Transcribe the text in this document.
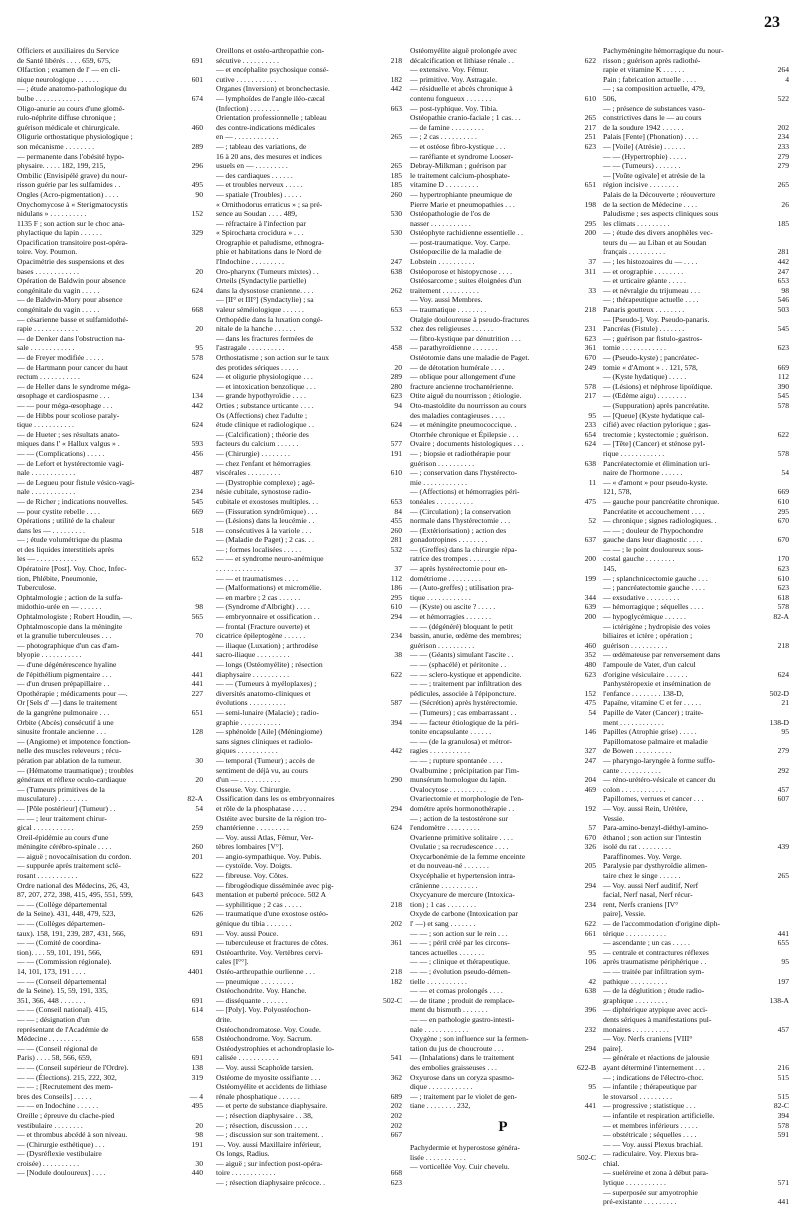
23
Officiers et auxiliaires du Service
de Santé libérés . . . . 659, 675,	691
Olfaction ; examen de l' — en cli-
nique neurologique . . . . . .	601
— ; étude anatomo-pathologique du
bulbe . . . . . . . . . . . .	674
Oligo-anurie au cours d'une glomé-
rulo-néphrite diffuse chronique ;
guérison médicale et chirurgicale.	460
Oligurie orthostatique physiologique ;
son mécanisme . . . . . . . .	289
— permanente dans l'obésité hypo-
physaire. . . . . 182, 199, 215,	296
Ombilic (Envisipélé grave) du nour-
risson guérie par les sulfamides . .	495
Ongles (Acro-pigmentation) . . . .	90
Onychomycose à « Sterigmatocystis
nidulans » . . . . . . . . . .	152
1135 F ; son action sur le choc ana-
phylactique du lapin . . . . . .	329
Opacification transitoire post-opéra-
toire. Voy. Poumon.
Opacimétrie des suspensions et des
bases . . . . . . . . . . . .	20
Opération de Baldwin pour absence
congénitale du vagin . . . . .	624
— de Baldwin-Mory pour absence
congénitale du vagin . . . . .	668
— césarienne basse et sulfamidothé-
rapie . . . . . . . . . . . .	20
— de Denker dans l'obstruction na-
sale . . . . . . . . . . . .	95
— de Freyer modifiée . . . . .	578
— de Hartmann pour cancer du haut
rectum . . . . . . . . . . .	624
— de Heller dans le syndrome méga-
œsophage et cardiospasme . . .	134
— — pour méga-œsophage . . .	442
— de Hibbs pour scoliose paraly-
tique . . . . . . . . . . .	624
— de Hueter ; ses résultats anato-
miques dans l' « Hallux valgus » .	593
— — (Complications) . . . . .	456
— de Lefort et hystérectomie vagi-
nale . . . . . . . . . . . .	487
— de Legueu pour fistule vésico-vagi-
nale . . . . . . . . . . . .	234
— de Richer ; indications nouvelles.	545
— pour cystite rebelle . . . .	669
Opérations ; utilité de la chaleur
dans les — . . . . . . . . .	518
— ; étude volumétrique du plasma
et des liquides interstitiels après
les — . . . . . . . . . . .	652
Opératoire [Post]. Voy. Choc, Infec-
tion, Phlébite, Pneumonie,
Tuberculose.
Ophtalmologie ; action de la sulfa-
midothio-urée en — . . . . . .	98
Ophtalmologiste ; Robert Houdin, —.	565
Ophtalmoscopie dans la méningite
et la granulie tuberculeuses . . .	70
— photographique d'un cas d'am-
blyopie . . . . . . . . . . .	441
— d'une dégénérescence hyaline
de l'épithélium pigmentaire . . .	441
— d'un drusen prépapillaire . .	441
Opothérapie ; médicaments pour —.	227
Or [Sels d' —] dans le traitement
de la gangrène pulmonaire . . .	651
Orbite (Abcès) consécutif à une
sinusite frontale ancienne . . .	128
— (Angiome) et impotence fonction-
nelle des muscles releveurs ; récu-
pération par ablation de la tumeur.	30
— (Hématome traumatique) ; troubles
généraux et réflexe oculo-cardiaque	20
— (Tumeurs primitives de la
musculature) . . . . . . . .	82-A
— [Pôle postérieur] (Tumeur) . .	54
— — ; leur traitement chirur-
gical . . . . . . . . . . .	259
Oreil-épidémie au cours d'une
méningite cérébro-spinale . . . .	260
— aiguë ; novocaïnisation du cordon.	201
— suppurée après traitement sclé-
rosant . . . . . . . . . . .	622
Ordre national des Médecins, 26, 43,
87, 207, 272, 398, 415, 495, 551, 599,	643
— — (Collège départemental
de la Seine). 431, 448, 479, 523,	626
— — (Collèges départemen-
taux). 158, 191, 239, 287, 431, 566,	691
— — (Comité de coordina-
tion). . . . 59, 101, 191, 566,	691
— — (Commission régionale).
14, 101, 173, 191 . . . .	4401
— — (Conseil départemental
de la Seine). 15, 59, 191, 335,
351, 366, 448 . . . . . . .	691
— — (Conseil national). 415,	614
— — ; désignation d'un
représentant de l'Académie de
Médecine . . . . . . . . .	658
— — (Conseil régional de
Paris) . . . . 58, 566, 659,	691
— — (Conseil supérieur de l'Ordre).	138
— — (Élections). 215, 222, 302,	319
— — ; [Recrutement des mem-
bres des Conseils] . . . . .	— 4
— — en Indochine . . . . . .	495
Oreille ; épreuve du clache-pied
vestibulaire . . . . . . . .	20
— et thrombus abcédé à son niveau.	98
— (Chirurgie esthétique) . . .	191
— (Dysréflexie vestibulaire
croisée) . . . . . . . . . .	30
— [Nodule douloureux] . . . .	440
Oreillons et ostéo-arthropathie con-
sécutive . . . . . . . . . .	218
— et encéphalite psychosique consé-
cutive . . . . . . . . . . .	182
Organes (Inversion) et bronchectasie.	442
— lymphoïdes de l'angle iléo-cæcal
(Infection) . . . . . . . .	663
Orientation professionnelle ; tableau
des contre-indications médicales
en — . . . . . . . . . . . .	265
— ; tableau des variations, de
16 à 20 ans, des mesures et indices
usuels en — . . . . . . . . .	265
— des cardiaques . . . . . .	185
— et troubles nerveux . . . . .	185
— spatiale (Troubles) . . . . .	260
« Ornithodorus erraticus » ; sa pré-
sence au Soudan . . . . 489,	530
— réfractaire à l'infection par
« Spirochæta crocidura » . . .	530
Orographie et paludisme, ethnogra-
phie et habitations dans le Nord de
l'Indochine . . . . . . . . .	247
Oro-pharynx (Tumeurs mixtes) . .	638
Orteils (Syndactylie partielle)
dans la dysostose cranienne. . . .	262
— [II° et III°] (Syndactylie) ; sa
valeur séméiologique . . . . . .	653
Orthopédie dans la luxation congé-
nitale de la hanche . . . . . .	532
— dans les fractures fermées de
l'astragale . . . . . . . . . .	458
Orthostatisme ; son action sur le taux
des protides sériques . . . . .	20
— et oligurie physiologique . . .	289
— et intoxication benzolique . . .	280
— grande hypothyroïdie . . . .	623
Orties ; substance urticante . . . .	94
Os (Affections) chez l'adulte ;
étude clinique et radiologique . .	624
— (Calcification) ; théorie des
facteurs du calcium . . . . . .	577
— (Chirurgie) . . . . . . . .	191
— chez l'enfant et hémorragies
viscérales . . . . . . . . .	610
— (Dystrophie complexe) ; agé-
nésie cubitale, synostose radio-
cubitale et exostoses multiples. . .	653
— (Fissuration syndrômique) . . .	84
— (Lésions) dans la leucémie . .	455
— consécutives à la variole . . .	260
— (Maladie de Paget) ; 2 cas. . .	281
— ; formes localisées . . . . .	532
— — et syndrome neuro-anémique
. . . . . . . . . . . . .	37
— — et traumatismes . . . .	112
— (Malformations) et micromélie.	186
— en marbre ; 2 cas . . . . . .	295
— (Syndrome d'Albright) . . . .	610
— embryonnaire et ossification . .	294
— frontal (Fracture ouverte) et
cicatrice épileptogène . . . . . .	234
— iliaque (Luxation) ; arthrodèse
sacro-iliaque . . . . . . . . .	38
— longs (Ostéomyélite) ; résection
diaphysaire . . . . . . . . . .	622
— — (Tumeurs à myéloplaxes) ;
diversités anatomo-cliniques et
évolutions . . . . . . . . . .	587
— semi-lunaire (Malacie) ; radio-
graphie . . . . . . . . . . .	394
— sphénoïde [Aile] (Méningiome)
sans signes cliniques et radiolo-
giques . . . . . . . . . . .	442
— temporal (Tumeur) ; accès de
sentiment de déjà vu, au cours
d'un — . . . . . . . . . . .	290
Osseuse. Voy. Chirurgie.
Ossification dans les os embryonnaires
et rôle de la phosphatase . . . .	294
Ostéite avec bursite de la région tro-
chantérienne . . . . . . . . .	624
— Voy. aussi Atlas, Fémur, Ver-
tèbres lombaires [V°].
— angio-sympathique. Voy. Pubis.
— cystoïde. Voy. Doigts.
— fibreuse. Voy. Côtes.
— fibrogéodique disséminée avec pig-
mentation et puberté précoce. 502 A
— syphilitique ; 2 cas . . . . .	218
— traumatique d'une exostose ostéo-
génique du tibia . . . . . . .	202
— Voy. aussi Pouce.
— tuberculeuse et fractures de côtes.	361
Ostéoarthrite. Voy. Vertèbres cervi-
cales [I°°].
Ostéo-arthropathie ourlienne . . .	218
— pneumique . . . . . . . . .	182
Ostéochondrite. Voy. Hanche.
— disséquante . . . . . . .	502-C
— [Poly]. Voy. Polyostéochon-
drite.
Ostéochondromatose. Voy. Coude.
Ostéochondrome. Voy. Sacrum.
Ostéodystrophies et achondroplasie lo-
calisée . . . . . . . . . . .	541
— Voy. aussi Scaphoïde tarsien.
Ostéome de myosite ossifiante . . .	362
Ostéomyélite et accidents de lithiase
rénale phosphatique . . . . . .	689
— et perte de substance diaphysaire.	202
— ; résection diaphysaire . . 38,	202
— ; résection, discussion . . . .	202
— ; discussion sur son traitement. .	667
—. Voy. aussi Maxillaire inférieur,
Os longs, Radius.
— aiguë ; sur infection post-opéra-
toire . . . . . . . . . . . .	668
— ; résection diaphysaire précoce. .	623
Ostéomyélite aiguë prolongée avec
décalcification et lithiase rénale . .	622
— extensive. Voy. Fémur.
— primitive. Voy. Astragale.
— résiduelle et abcès chronique à
contenu fongueux . . . . . . .	610
— post-typhique. Voy. Tibia.
Ostéopathie cranio-faciale ; 1 cas. . .	265
— de famine . . . . . . . . .	217
— ; 2 cas . . . . . . . . . .	251
— et ostéose fibro-kystique . . .	623
— raréfiante et syndrome Looser-
Debray-Milkman ; guérison par
le traitement calcium-phosphate-
vitamine D . . . . . . . . .	651
— hypertrophiante pneumique de
Pierre Marie et pneumopathies . . .	198
Ostéopathologie de l'os de
nasser . . . . . . . . . . .	295
Ostéophyte rachidienne essentielle . .	200
— post-traumatique. Voy. Carpe.
Ostéopœcilie de la maladie de
Lobstein . . . . . . . . . .	37
Ostéoporose et histopycnose . . . .	311
Ostéosarcome ; suites éloignées d'un
traitement . . . . . . . . . .	33
— Voy. aussi Membres.
— traumatique . . . . . . . .	218
Otalgie douloureuse à pseudo-fractures
chez des religieuses . . . . . .	231
— fibro-kystique par dénutrition . . .	623
— parathyroïdienne . . . . . . .	361
Ostéotomie dans une maladie de Paget.	670
— de détotation humérale . . . .	249
— oblique pour allongement d'une
fracture ancienne trochantérienne.	578
Otite aiguë du nourrisson ; étiologie.	217
Oto-mastoïdite du nourrisson au cours
des maladies contagieuses . . . .	95
— et méningite pneumococcique. .	233
Otorrhée chronique et Épilepsie . . .	654
Ovaire ; documents histologiques . . .	624
— ; biopsie et radiothérapie pour
guérison . . . . . . . . . .	638
— ; conservation dans l'hystérecto-
mie . . . . . . . . . . . .	11
— (Affections) et hémorragies péri-
tonéales . . . . . . . . . .	475
— (Circulation) ; la conservation
normale dans l'hystérectomie . . .	52
— (Extériorisation) ; action des
gonadotropines . . . . . . . .	637
— (Greffes) dans la chirurgie répa-
ratrice des trompes . . . . . .	200
— après hystérectomie pour en-
dométriome . . . . . . . . .	199
— (Auto-greffes) ; utilisation pra-
tique . . . . . . . . . . . .	344
— (Kyste) ou ascite ? . . . . .	639
— et hémorragies . . . . . . .	200
— — (dégénéré) bloquant le petit
bassin, anurie, œdème des membres;
guérison . . . . . . . . . .	460
— — (Géants) simulant l'ascite . .	352
— — (sphacélé) et péritonite . .	480
— — sclero-kystique et appendicite.	623
— — ; traitement par infiltration des
pédicules, associée à l'épiponcture.	152
— (Sécrétion) après hystérectomie.	475
— (Tumeurs) ; cas embarrassant . .	54
— — facteur étiologique de la péri-
tonite encapsulante . . . . . .	146
— — (de la granulosa) et métror-
ragies . . . . . . . . . . .	327
— — ; rupture spontanée . . . .	247
Ovalbumine ; précipitation par l'im-
munsérum homologue du lapin.	204
Ovalocytose . . . . . . . . . .	469
Ovariectomie et morphologie de l'en-
dométre après hormonothérapie . .	192
— ; action de la testostérone sur
l'endomètre . . . . . . . . .	57
Ovarienne primitive solitaire . . . .	670
Ovulatie ; sa recrudescence . . . .	326
Oxycarbonémie de la femme enceinte
et du nouveau-né . . . . . . .	205
Oxycéphalie et hypertension intra-
crânienne . . . . . . . . . .	294
Oxycyanure de mercure (Intoxica-
tion) ; 1 cas . . . . . . . .	234
Oxyde de carbone (Intoxication par
l' —) et sang . . . . . . .	622
— — ; son action sur le rein . . .	661
— — ; péril créé par les circons-
tances actuelles . . . . . . .	95
— — ; clinique et thérapeutique.	106
— — ; évolution pseudo-démen-
tielle . . . . . . . . . . .	42
— — et comas prolongés . . . .	638
— de titane ; produit de remplace-
ment du bismuth . . . . . . .	396
— — en pathologie gastro-intesti-
nale . . . . . . . . . . . .	232
Oxygène ; son influence sur la fermen-
tation du jus de choucroute . . .	294
— (Inhalations) dans le traitement
des embolies graisseuses . . .	622-B
Oxyurose dans un coryza spasmo-
dique . . . . . . . . . . . .	95
— ; traitement par le violet de gen-
tiane . . . . . . . . 232,	441
P
Pachydermie et hyperostose généra-
lisée . . . . . . . . . . .	502-C
— vorticellée Voy. Cuir chevelu.
Pachyméningite hémorragique du nour-
risson ; guérison après radiothé-
rapie et vitamine K . . . . . .	264
Pain ; fabrication actuelle . . . .	4
— ; sa composition actuelle, 479,
506,	522
— ; présence de substances vaso-
constrictives dans le — au cours
de la soudure 1942 . . . . . .	202
Palais [Fente] (Phonation) . . . .	234
— [Voile] (Atrésie) . . . . . .	233
— — (Hypertrophie) . . . . .	279
— — (Tumeurs) . . . . . . .	279
— [Voûte ogivale] et atrésie de la
région incisive . . . . . . . .	265
Palais de la Découverte ; réouverture
de la section de Médecine . . . .	26
Paludisme ; ses aspects cliniques sous
les climats . . . . . . . . .	185
— ; étude des divers anophèles vec-
teurs du — au Liban et au Soudan
français . . . . . . . . . .	281
— ; les histozoaires du — . . . .	442
— et orographie . . . . . . . .	247
— et urticaire géante . . . . .	653
— et névralgie du trijumeau . . .	98
— ; thérapeutique actuelle . . . .	546
Panaris goutteux . . . . . . . .	503
— [Pseudo-]. Voy. Pseudo-panaris.
Pancréas (Fistule) . . . . . . .	545
— ; guérison par fistulo-gastros-
tomie . . . . . . . . . . . .	623
— (Pseudo-kyste) ; pancréatec-
tomie « d'Amont » . . 121, 578,	669
— (Kyste hydatique) . . . . .	112
— (Lésions) et néphrose lipoïdique.	390
— (Œdème aigu) . . . . . . . .	545
— (Suppuration) après pancréatite.	578
— [Queue] (Kyste hydatique cal-
cifié) avec réaction pylorique ; gas-
trectomie ; kystectomie ; guérison.	622
— [Tête] (Cancer) et sténose pyl-
rique . . . . . . . . . . . .	578
Pancréatectomie et élimination uri-
naire de l'hormone . . . . . .	54
— « d'amont » pour pseudo-kyste.
121, 578,	669
— gauche pour pancréatite chronique.	610
Pancréatite et accouchement . . . .	295
— chronique ; signes radiologiques. .	670
— — ; douleur de l'hypochondre
gauche dans leur diagnostic . . . .	670
— — ; le point douloureux sous-
costal gauche . . . . . . . .	170
145,	623
— ; splanchnicectomie gauche . . .	610
— ; pancréatectomie gauche . . . .	623
— exsudative . . . . . . . . .	618
— hémorragique ; séquelles . . . .	578
— hypoglycémique . . . . . .	82-A
— ictérigène ; hydropisie des voies
biliaires et ictère ; opération ;
guérison . . . . . . . . . .	218
— œdémateuse par renversement dans
l'ampoule de Vater, d'un calcul
d'origine vésiculaire . . . . . .	624
Panhystéropexie et insémination de
l'enfance . . . . . . . . 138-D,	502-D
Papaïne, vitamine C et fer . . . . .	21
Papille de Vater (Cancer) ; traite-
ment . . . . . . . . . . . .	138-D
Papilles (Atrophie grise) . . . . .	95
Papillomatose palmaire et maladie
de Bowen . . . . . . . . . .	279
— pharyngo-laryngée à forme suffo-
cante . . . . . . . . . . .	292
— réno-urétéro-vésicale et cancer du
colon . . . . . . . . . . . .	457
Papillomes, verrues et cancer . . .	607
— Voy. aussi Rein, Urètère,
Vessie.
Para-amino-benzyl-diéthyl-amino-
éthanol ; son action sur l'intestin
isolé du rat . . . . . . . . .	439
Paraffinomes. Voy. Verge.
Paralysie par dysthyroïdie alimen-
taire chez le singe . . . . . .	265
— Voy. aussi Nerf auditif, Nerf
facial, Nerf nasal, Nerf récur-
rent, Nerfs craniens [IV°
paire], Vessie.
— de l'accommodation d'origine diph-
térique . . . . . . . . . . .	441
— ascendante ; un cas . . . . .	655
— centrale et contractures réflexes
après traumatisme périphérique . .	95
— — traitée par infiltration sym-
pathique . . . . . . . . . .	197
— de la déglutition ; étude radio-
graphique . . . . . . . . .	138-A
— diphtérique atypique avec acci-
dents sériques à manifestations pul-
monaires . . . . . . . . . .	457
— Voy. Nerfs craniens [VIII°
paire].
— générale et réactions de jalousie
ayant déterminé l'internement . . .	216
— ; indications de l'électro-choc.	515
— infantile ; thérapeutique par
le stovarsol . . . . . . . . .	515
— progressive ; statistique . . .	82-C
— infantile et respiration artificielle.	394
— et membres inférieurs . . . . .	578
— obstétricale ; séquelles . . . .	591
— — Voy. aussi Plexus brachial.
— radiculaire. Voy. Plexus bra-
chial.
— sueléreine et zona à début para-
lytique . . . . . . . . . . .	571
— superposée sur amyotrophie
pré-existante . . . . . . . . .	441
